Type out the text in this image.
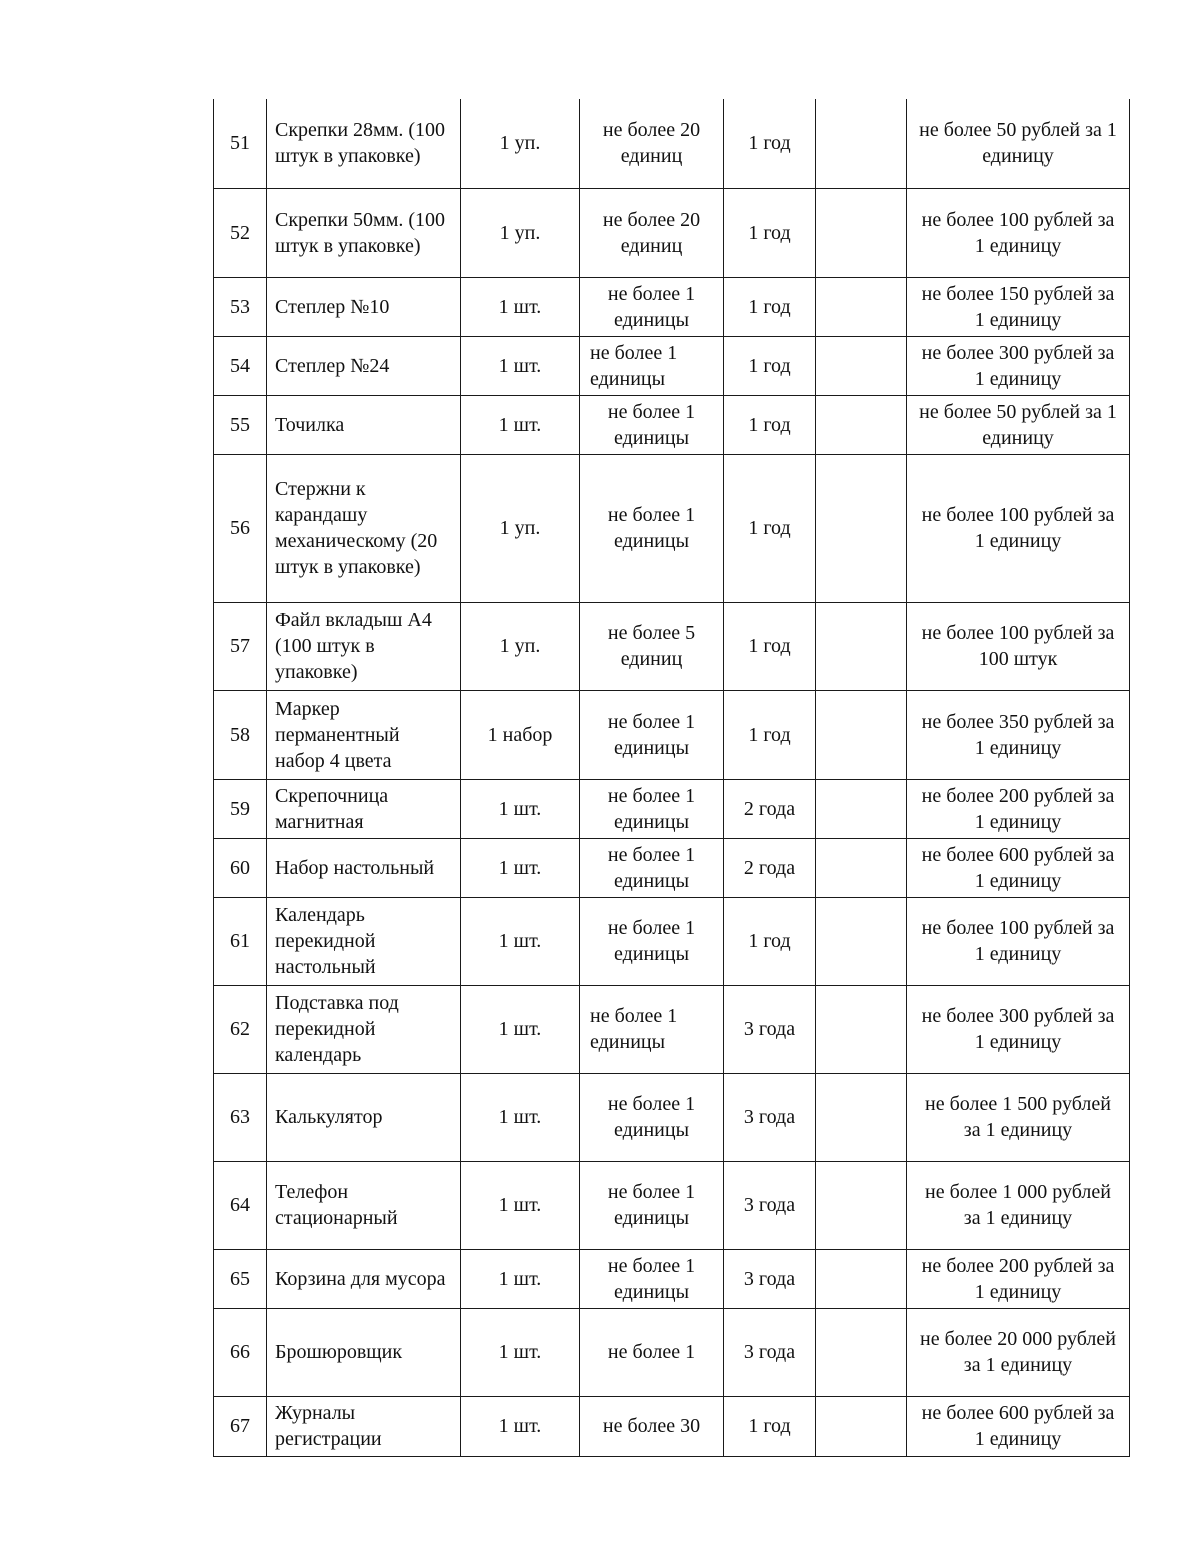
51	Скрепки 28мм. (100 штук в упаковке)	1 уп.	не более 20 единиц	1 год		не более 50 рублей за 1 единицу
52	Скрепки 50мм. (100 штук в упаковке)	1 уп.	не более 20 единиц	1 год		не более 100 рублей за 1 единицу
53	Степлер №10	1 шт.	не более 1 единицы	1 год		не более 150 рублей за 1 единицу
54	Степлер №24	1 шт.	не более 1 единицы	1 год		не более 300 рублей за 1 единицу
55	Точилка	1 шт.	не более 1 единицы	1 год		не более 50 рублей за 1 единицу
56	Стержни к карандашу механическому (20 штук в упаковке)	1 уп.	не более 1 единицы	1 год		не более 100 рублей за 1 единицу
57	Файл вкладыш А4 (100 штук в упаковке)	1 уп.	не более 5 единиц	1 год		не более 100 рублей за 100 штук
58	Маркер перманентный набор 4 цвета	1 набор	не более 1 единицы	1 год		не более 350 рублей за 1 единицу
59	Скрепочница магнитная	1 шт.	не более 1 единицы	2 года		не более 200 рублей за 1 единицу
60	Набор настольный	1 шт.	не более 1 единицы	2 года		не более 600 рублей за 1 единицу
61	Календарь перекидной настольный	1 шт.	не более 1 единицы	1 год		не более 100 рублей за 1 единицу
62	Подставка под перекидной календарь	1 шт.	не более 1 единицы	3 года		не более 300 рублей за 1 единицу
63	Калькулятор	1 шт.	не более 1 единицы	3 года		не более 1 500 рублей за 1 единицу
64	Телефон стационарный	1 шт.	не более 1 единицы	3 года		не более 1 000 рублей за 1 единицу
65	Корзина для мусора	1 шт.	не более 1 единицы	3 года		не более 200 рублей за 1 единицу
66	Брошюровщик	1 шт.	не более 1	3 года		не более 20 000 рублей за 1 единицу
67	Журналы регистрации	1 шт.	не более 30	1 год		не более 600 рублей за 1 единицу
